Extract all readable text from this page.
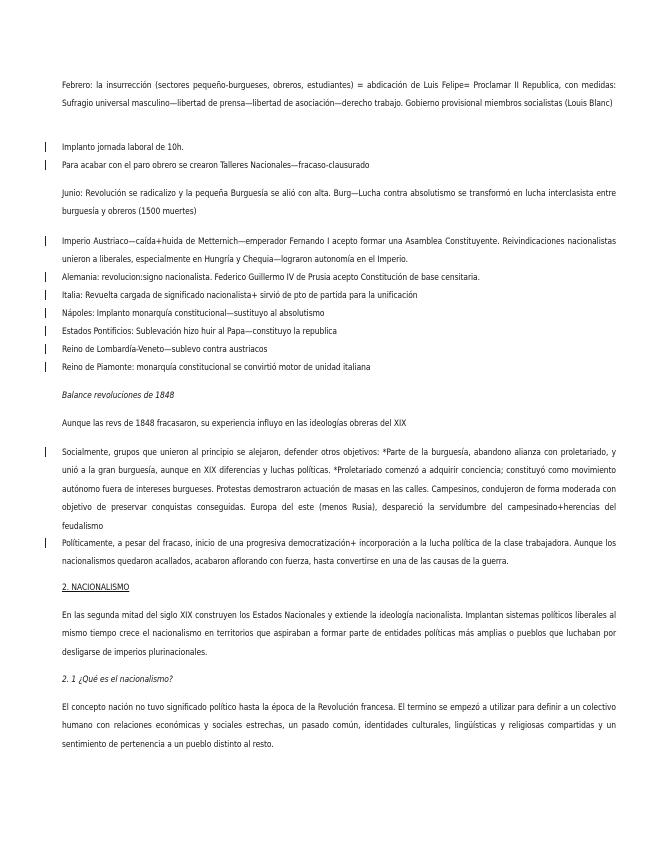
Febrero: la insurrección (sectores pequeño-burgueses, obreros, estudiantes) = abdicación de Luis Felipe= Proclamar II Republica, con medidas: Sufragio universal masculino—libertad de prensa—libertad de asociación—derecho trabajo. Gobierno provisional miembros socialistas (Louis Blanc)

Implanto jornada laboral de 10h.

Para acabar con el paro obrero se crearon Talleres Nacionales—fracaso-clausurado

Junio: Revolución se radicalizo y la pequeña Burguesía se alió con alta. Burg—Lucha contra absolutismo se transformó en lucha interclasista entre burguesía y obreros (1500 muertes)

Imperio Austriaco—caída+huida de Metternich—emperador Fernando I acepto formar una Asamblea Constituyente. Reivindicaciones nacionalistas unieron a liberales, especialmente en Hungría y Chequia—lograron autonomía en el Imperio.

Alemania: revolucion:signo nacionalista. Federico Guillermo IV de Prusia acepto Constitución de base censitaria.

Italia: Revuelta cargada de significado nacionalista+ sirvió de pto de partida para la unificación

Nápoles: Implanto monarquía constitucional—sustituyo al absolutismo

Estados Pontificios: Sublevación hizo huir al Papa—constituyo la republica

Reino de Lombardía-Veneto—sublevo contra austriacos

Reino de Piamonte: monarquía constitucional se convirtió motor de unidad italiana

Balance revoluciones de 1848

Aunque las revs de 1848 fracasaron, su experiencia influyo en las ideologías obreras del XIX

Socialmente, grupos que unieron al principio se alejaron, defender otros objetivos: *Parte de la burguesía, abandono alianza con proletariado, y unió a la gran burguesía, aunque en XIX diferencias y luchas políticas. *Proletariado comenzó a adquirir conciencia; constituyó como movimiento autónomo fuera de intereses burgueses. Protestas demostraron actuación de masas en las calles. Campesinos, condujeron de forma moderada con objetivo de preservar conquistas conseguidas. Europa del este (menos Rusia), despareció la servidumbre del campesinado+herencias del feudalismo

Políticamente, a pesar del fracaso, inicio de una progresiva democratización+ incorporación a la lucha política de la clase trabajadora. Aunque los nacionalismos quedaron acallados, acabaron aflorando con fuerza, hasta convertirse en una de las causas de la guerra.

2. NACIONALISMO

En las segunda mitad del siglo XIX construyen los Estados Nacionales y extiende la ideología nacionalista. Implantan sistemas políticos liberales al mismo tiempo crece el nacionalismo en territorios que aspiraban a formar parte de entidades políticas más amplias o pueblos que luchaban por desligarse de imperios plurinacionales.

2. 1 ¿Qué es el nacionalismo?

El concepto nación no tuvo significado político hasta la época de la Revolución francesa. El termino se empezó a utilizar para definir a un colectivo humano con relaciones económicas y sociales estrechas, un pasado común, identidades culturales, lingüísticas y religiosas compartidas y un sentimiento de pertenencia a un pueblo distinto al resto.
